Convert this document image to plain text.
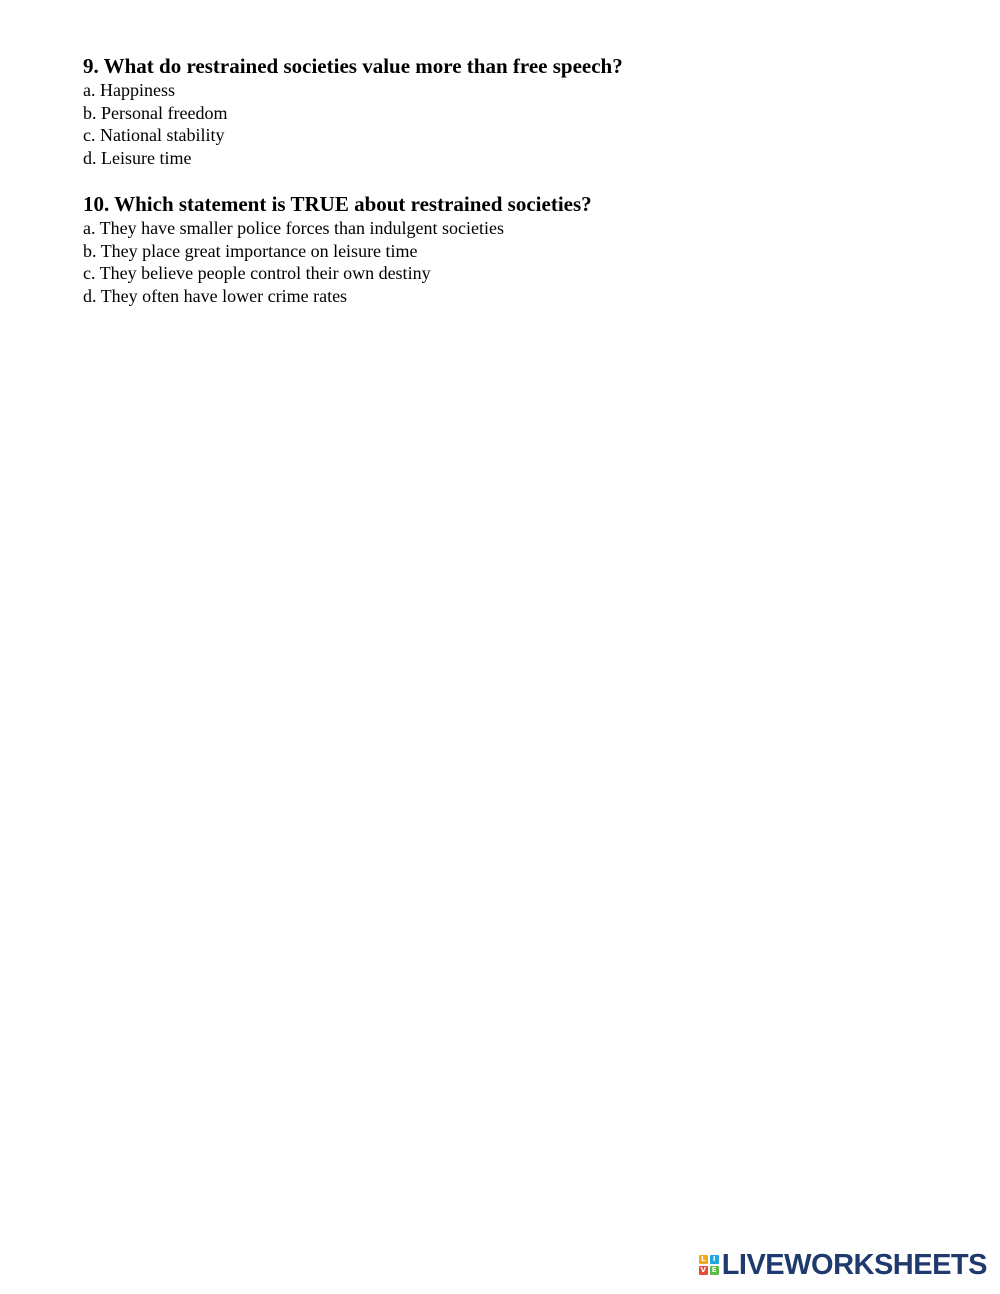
9. What do restrained societies value more than free speech?

a. Happiness

b. Personal freedom

c. National stability

d. Leisure time

10. Which statement is TRUE about restrained societies?

a. They have smaller police forces than indulgent societies

b. They place great importance on leisure time

c. They believe people control their own destiny

d. They often have lower crime rates

L	I
V E LIVEWORKSHEETS
